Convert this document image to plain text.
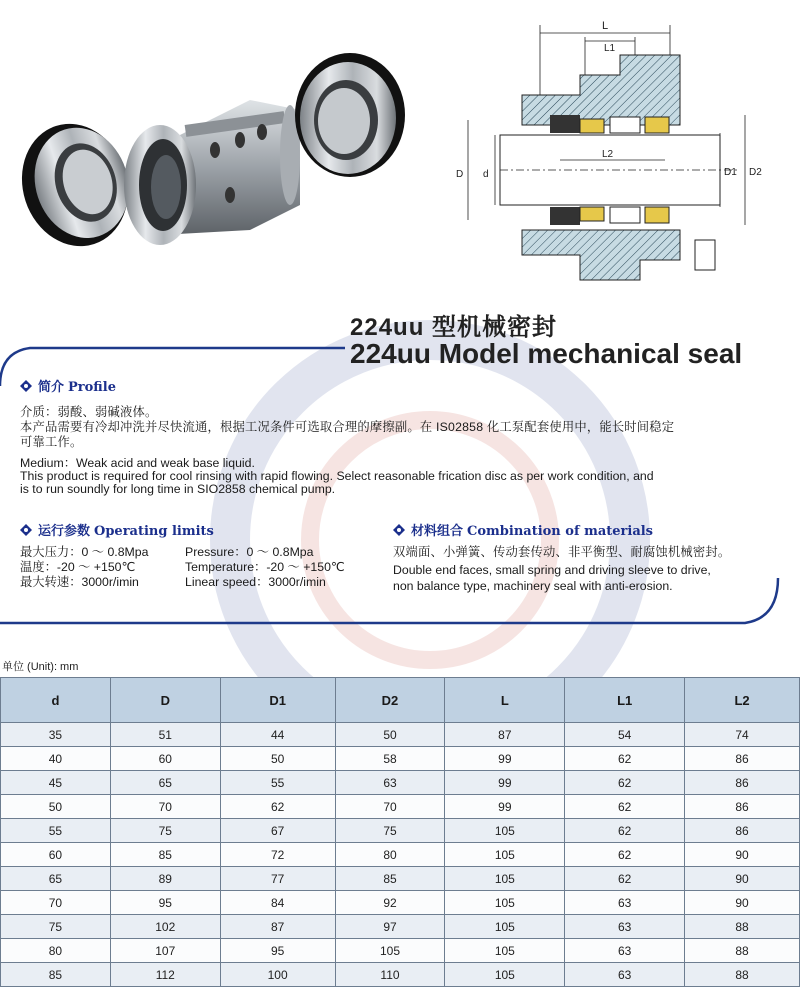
L
L1
L2
D d	D1 D2
224uu 型机械密封
224uu Model mechanical seal
简介 Profile
介质：弱酸、弱碱液体。
本产品需要有冷却冲洗并尽快流通，根据工况条件可选取合理的摩擦副。在 IS02858 化工泵配套使用中，能长时间稳定
可靠工作。
Medium：Weak acid and weak base liquid.
This product is required for cool rinsing with rapid flowing. Select reasonable frication disc as per work condition, and
is to run soundly for long time in SIO2858 chemical pump.
运行参数 Operating limits
最大压力：0 ～ 0.8Mpa
温度：-20 ～ +150℃
最大转速：3000r/imin
Pressure：0 ～ 0.8Mpa
Temperature：-20 ～ +150℃
Linear speed：3000r/imin
材料组合 Combination of materials
双端面、小弹簧、传动套传动、非平衡型、耐腐蚀机械密封。
Double end faces, small spring and driving sleeve to drive,
non balance type, machinery seal with anti-erosion.
单位 (Unit): mm
d	D	D1	D2	L	L1	L2
35	51	44	50	87	54	74
40	60	50	58	99	62	86
45	65	55	63	99	62	86
50	70	62	70	99	62	86
55	75	67	75	105	62	86
60	85	72	80	105	62	90
65	89	77	85	105	62	90
70	95	84	92	105	63	90
75	102	87	97	105	63	88
80	107	95	105	105	63	88
85	112	100	110	105	63	88
